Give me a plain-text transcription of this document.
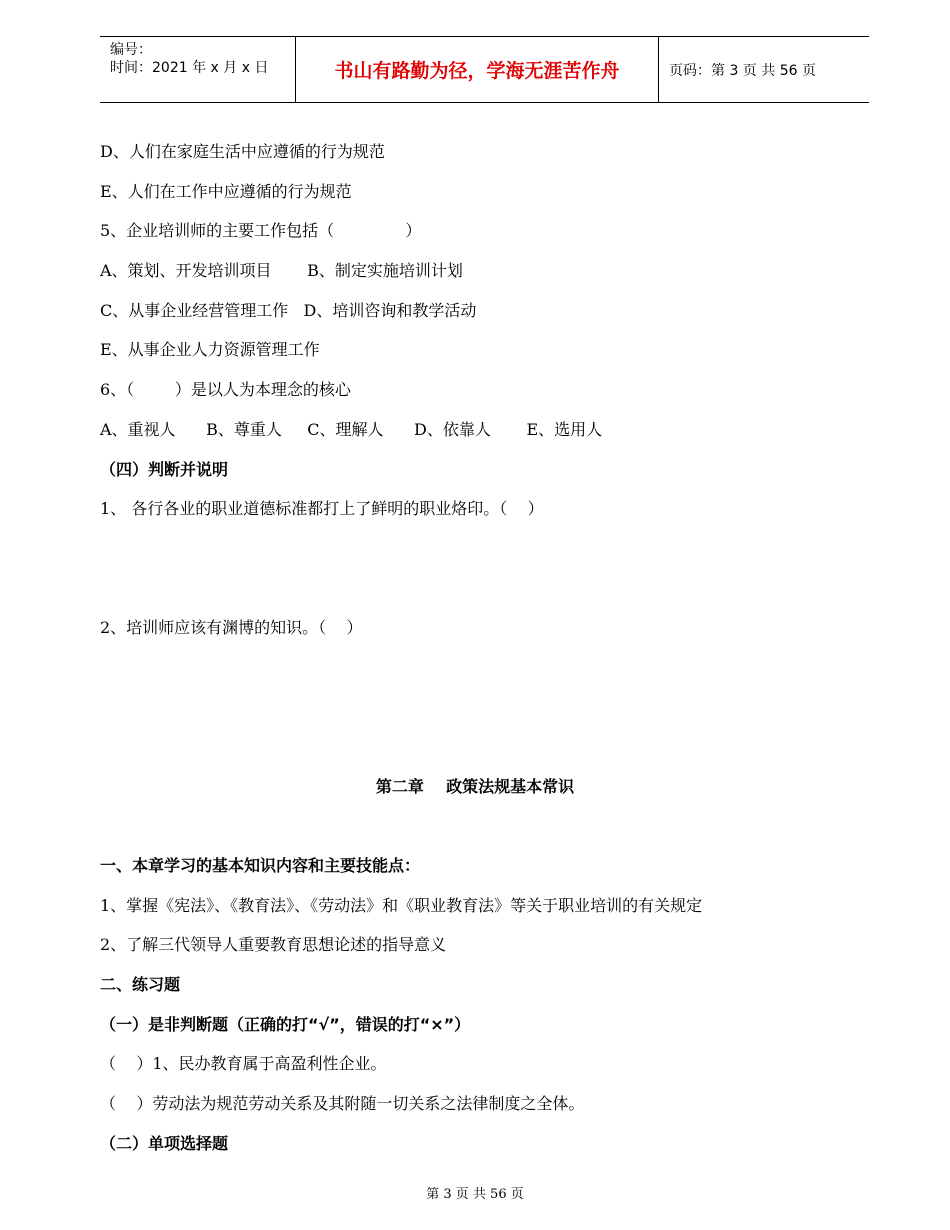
编号：
时间：2021 年 x 月 x 日	书山有路勤为径，学海无涯苦作舟	页码：第 3 页 共 56 页
D、人们在家庭生活中应遵循的行为规范
E、人们在工作中应遵循的行为规范
5、企业培训师的主要工作包括（              ）
A、策划、开发培训项目       B、制定实施培训计划
C、从事企业经营管理工作   D、培训咨询和教学活动
E、从事企业人力资源管理工作
6、（        ）是以人为本理念的核心
A、重视人      B、尊重人     C、理解人      D、依靠人       E、选用人
（四）判断并说明
1、 各行各业的职业道德标准都打上了鲜明的职业烙印。（    ）
2、培训师应该有渊博的知识。（    ）
第二章    政策法规基本常识
一、本章学习的基本知识内容和主要技能点：
1、掌握《宪法》、《教育法》、《劳动法》和《职业教育法》等关于职业培训的有关规定
2、了解三代领导人重要教育思想论述的指导意义
二、练习题
（一）是非判断题（正确的打“√”，错误的打“×”）
（    ）1、民办教育属于高盈利性企业。
（    ）劳动法为规范劳动关系及其附随一切关系之法律制度之全体。
（二）单项选择题
第 3 页 共 56 页
